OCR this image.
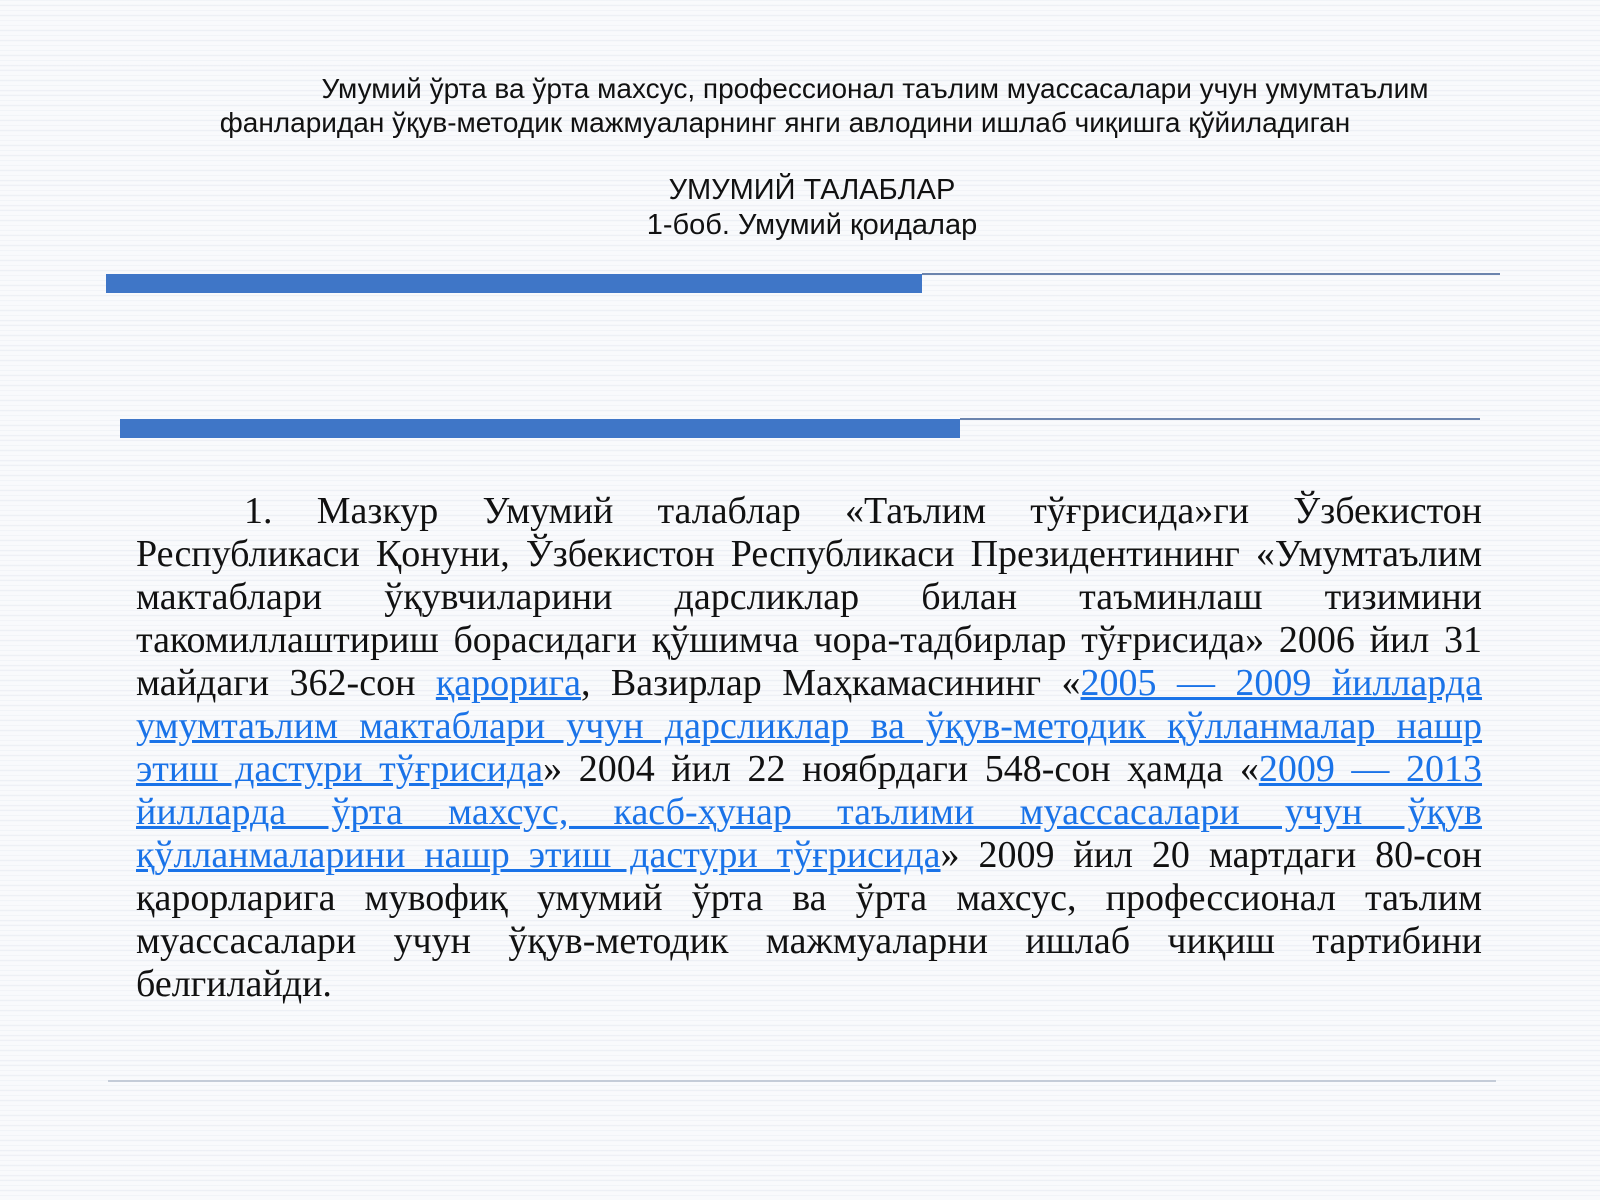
Умумий ўрта ва ўрта махсус, профессионал таълим муассасалари учун умумтаълим
фанларидан ўқув-методик мажмуаларнинг янги авлодини ишлаб чиқишга қўйиладиган
УМУМИЙ ТАЛАБЛАР
1-боб. Умумий қоидалар

1. Мазкур Умумий талаблар «Таълим тўғрисида»ги Ўзбекистон Республикаси Қонуни, Ўзбекистон Республикаси Президентининг «Умумтаълим мактаблари ўқувчиларини дарсликлар билан таъминлаш тизимини такомиллаштириш борасидаги қўшимча чора-тадбирлар тўғрисида» 2006 йил 31 майдаги 362-сон қарорига, Вазирлар Маҳкамасининг «2005 — 2009 йилларда умумтаълим мактаблари учун дарсликлар ва ўқув-методик қўлланмалар нашр этиш дастури тўғрисида» 2004 йил 22 ноябрдаги 548-сон ҳамда «2009 — 2013 йилларда ўрта махсус, касб-ҳунар таълими муассасалари учун ўқув қўлланмаларини нашр этиш дастури тўғрисида» 2009 йил 20 мартдаги 80-сон қарорларига мувофиқ умумий ўрта ва ўрта махсус, профессионал таълим муассасалари учун ўқув-методик мажмуаларни ишлаб чиқиш тартибини белгилайди.
